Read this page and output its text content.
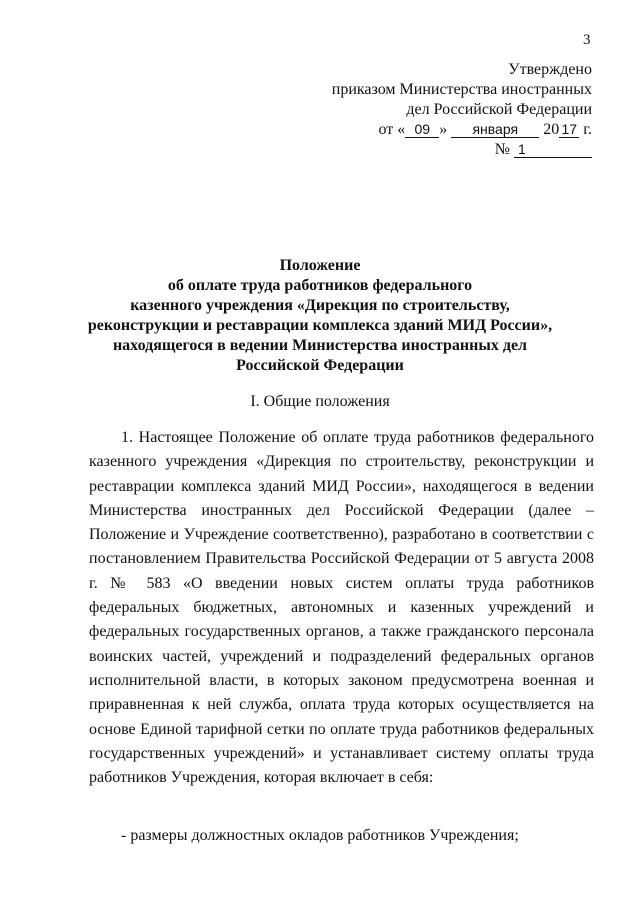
3
Утверждено
приказом Министерства иностранных
дел Российской Федерации
от « 09 » января 20 17 г.
№ 1
Положение
об оплате труда работников федерального
казенного учреждения «Дирекция по строительству,
реконструкции и реставрации комплекса зданий МИД России»,
находящегося в ведении Министерства иностранных дел
Российской Федерации
I. Общие положения

1. Настоящее Положение об оплате труда работников федерального казенного учреждения «Дирекция по строительству, реконструкции и реставрации комплекса зданий МИД России», находящегося в ведении Министерства иностранных дел Российской Федерации (далее – Положение и Учреждение соответственно), разработано в соответствии с постановлением Правительства Российской Федерации от 5 августа 2008 г. № 583 «О введении новых систем оплаты труда работников федеральных бюджетных, автономных и казенных учреждений и федеральных государственных органов, а также гражданского персонала воинских частей, учреждений и подразделений федеральных органов исполнительной власти, в которых законом предусмотрена военная и приравненная к ней служба, оплата труда которых осуществляется на основе Единой тарифной сетки по оплате труда работников федеральных государственных учреждений» и устанавливает систему оплаты труда работников Учреждения, которая включает в себя:

- размеры должностных окладов работников Учреждения;
